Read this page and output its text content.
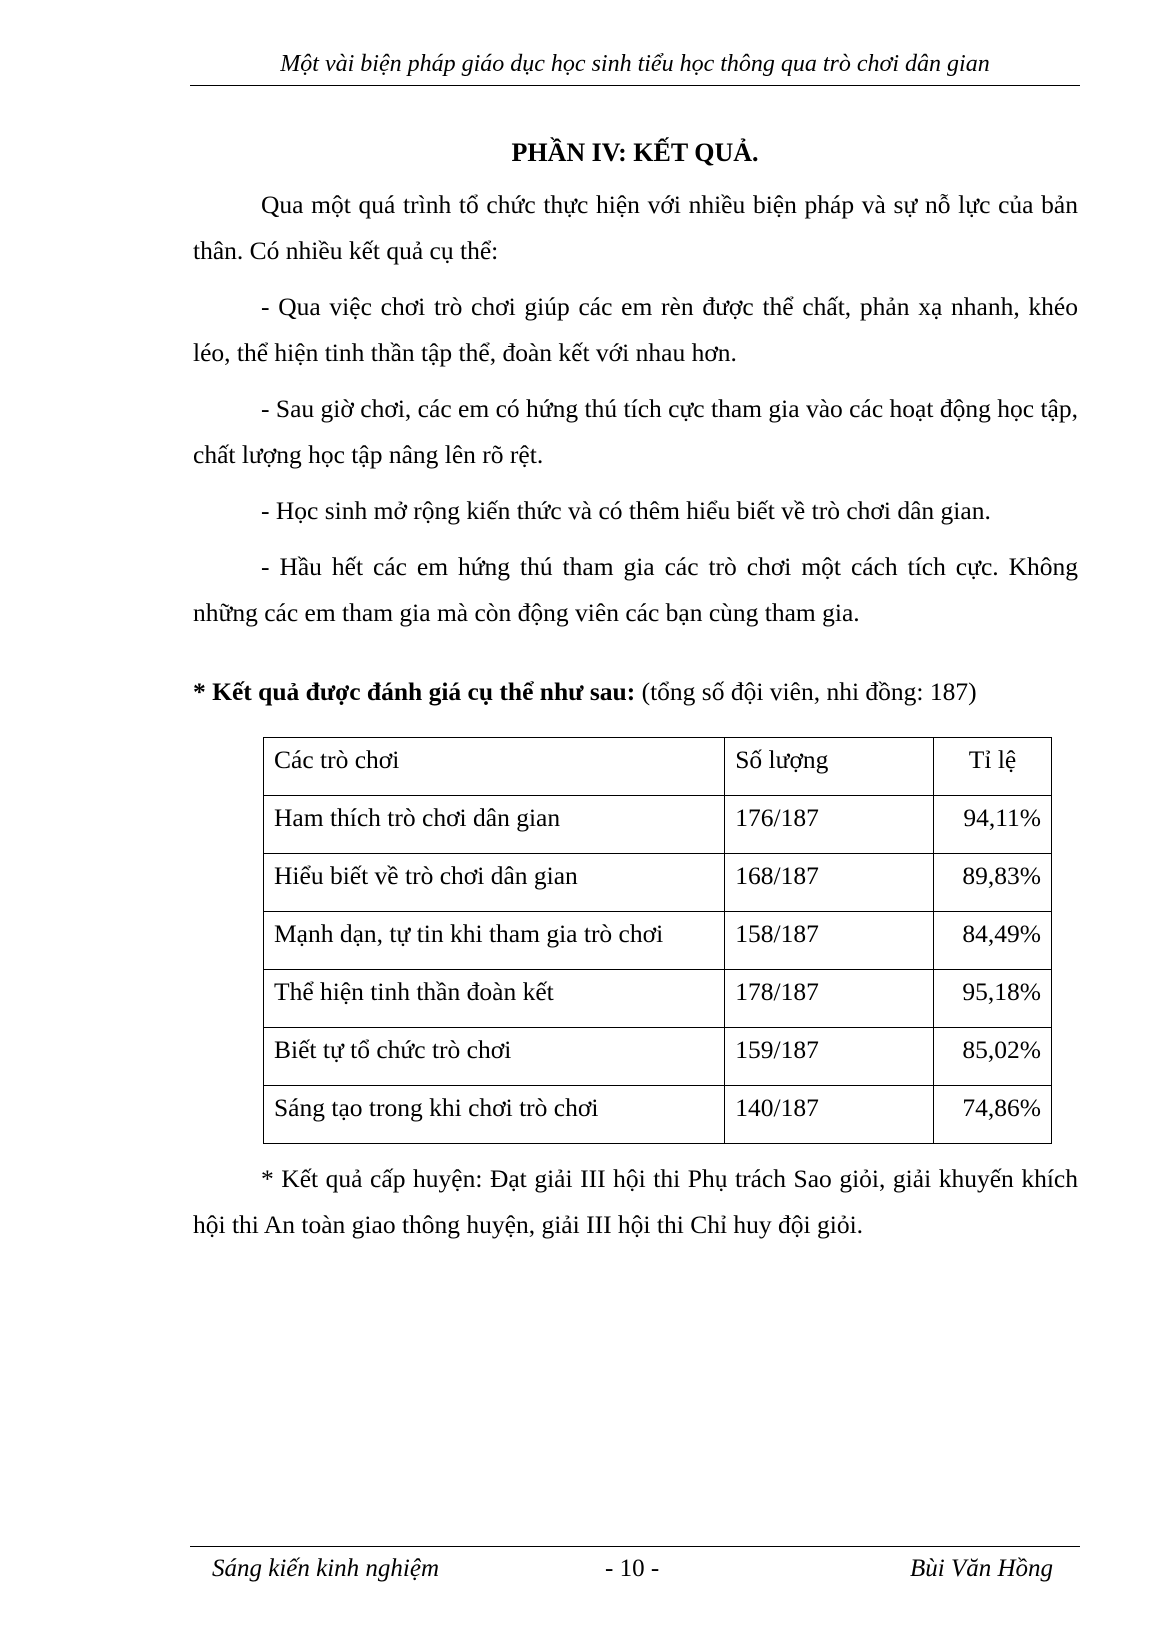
Một vài biện pháp giáo dục học sinh tiểu học thông qua trò chơi dân gian
PHẦN IV: KẾT QUẢ.

Qua một quá trình tổ chức thực hiện với nhiều biện pháp và sự nỗ lực của bản thân. Có nhiều kết quả cụ thể:

- Qua việc chơi trò chơi giúp các em rèn được thể chất, phản xạ nhanh, khéo léo, thể hiện tinh thần tập thể, đoàn kết với nhau hơn.

- Sau giờ chơi, các em có hứng thú tích cực tham gia vào các hoạt động học tập, chất lượng học tập nâng lên rõ rệt.

- Học sinh mở rộng kiến thức và có thêm hiểu biết về trò chơi dân gian.

- Hầu hết các em hứng thú tham gia các trò chơi một cách tích cực. Không những các em tham gia mà còn động viên các bạn cùng tham gia.

* Kết quả được đánh giá cụ thể như sau: (tổng số đội viên, nhi đồng: 187)

Các trò chơi	Số lượng	Tỉ lệ
Ham thích trò chơi dân gian	176/187	94,11%
Hiểu biết về trò chơi dân gian	168/187	89,83%
Mạnh dạn, tự tin khi tham gia trò chơi	158/187	84,49%
Thể hiện tinh thần đoàn kết	178/187	95,18%
Biết tự tổ chức trò chơi	159/187	85,02%
Sáng tạo trong khi chơi trò chơi	140/187	74,86%

* Kết quả cấp huyện: Đạt giải III hội thi Phụ trách Sao giỏi, giải khuyến khích hội thi An toàn giao thông huyện, giải III hội thi Chỉ huy đội giỏi.

Sáng kiến kinh nghiệm	- 10 -	Bùi Văn Hồng
